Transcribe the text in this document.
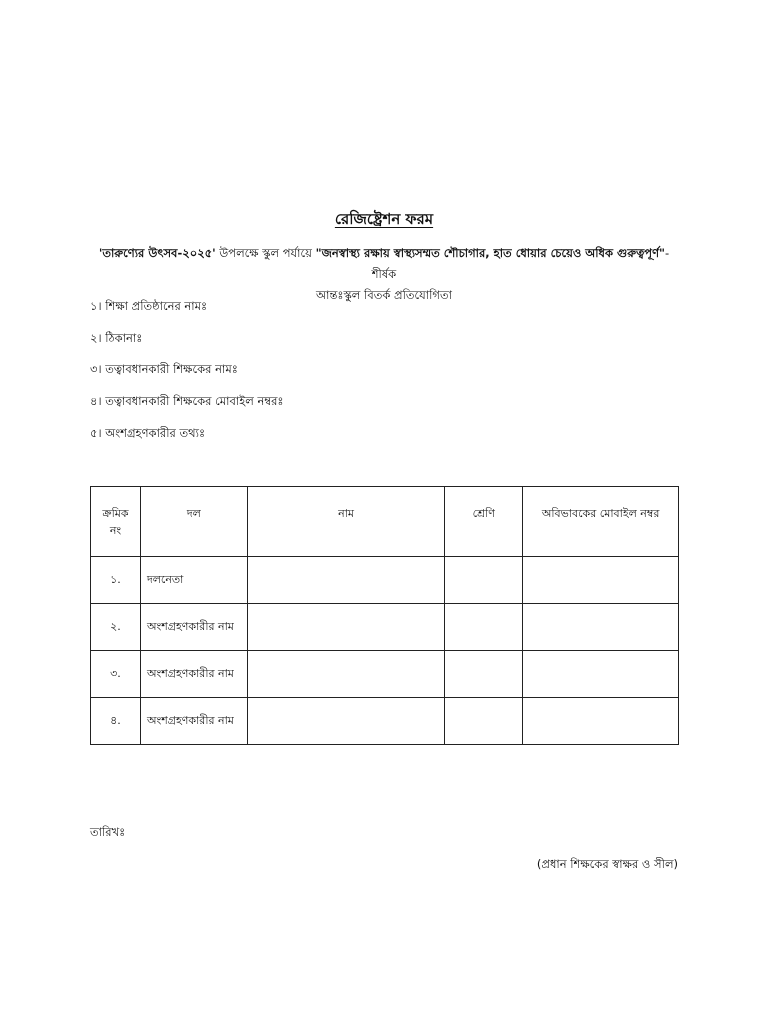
রেজিষ্ট্রেশন ফরম
'তারুণ্যের উৎসব-২০২৫' উপলক্ষে স্কুল পর্যায়ে "জনস্বাস্থ্য রক্ষায় স্বাস্থ্যসম্মত শৌচাগার, হাত ধোয়ার চেয়েও অধিক গুরুত্বপূর্ণ"- শীর্ষক
আন্তঃস্কুল বিতর্ক প্রতিযোগিতা
১। শিক্ষা প্রতিষ্ঠানের নামঃ
২। ঠিকানাঃ
৩। তত্বাবধানকারী শিক্ষকের নামঃ
৪। তত্বাবধানকারী শিক্ষকের মোবাইল নম্বরঃ
৫। অংশগ্রহণকারীর তথ্যঃ
ক্রমিক
নং	দল	নাম	শ্রেণি	অবিভাবকের মোবাইল নম্বর
১.	দলনেতা			
২.	অংশগ্রহণকারীর নাম			
৩.	অংশগ্রহণকারীর নাম			
৪.	অংশগ্রহণকারীর নাম			
তারিখঃ
(প্রধান শিক্ষকের স্বাক্ষর ও সীল)
